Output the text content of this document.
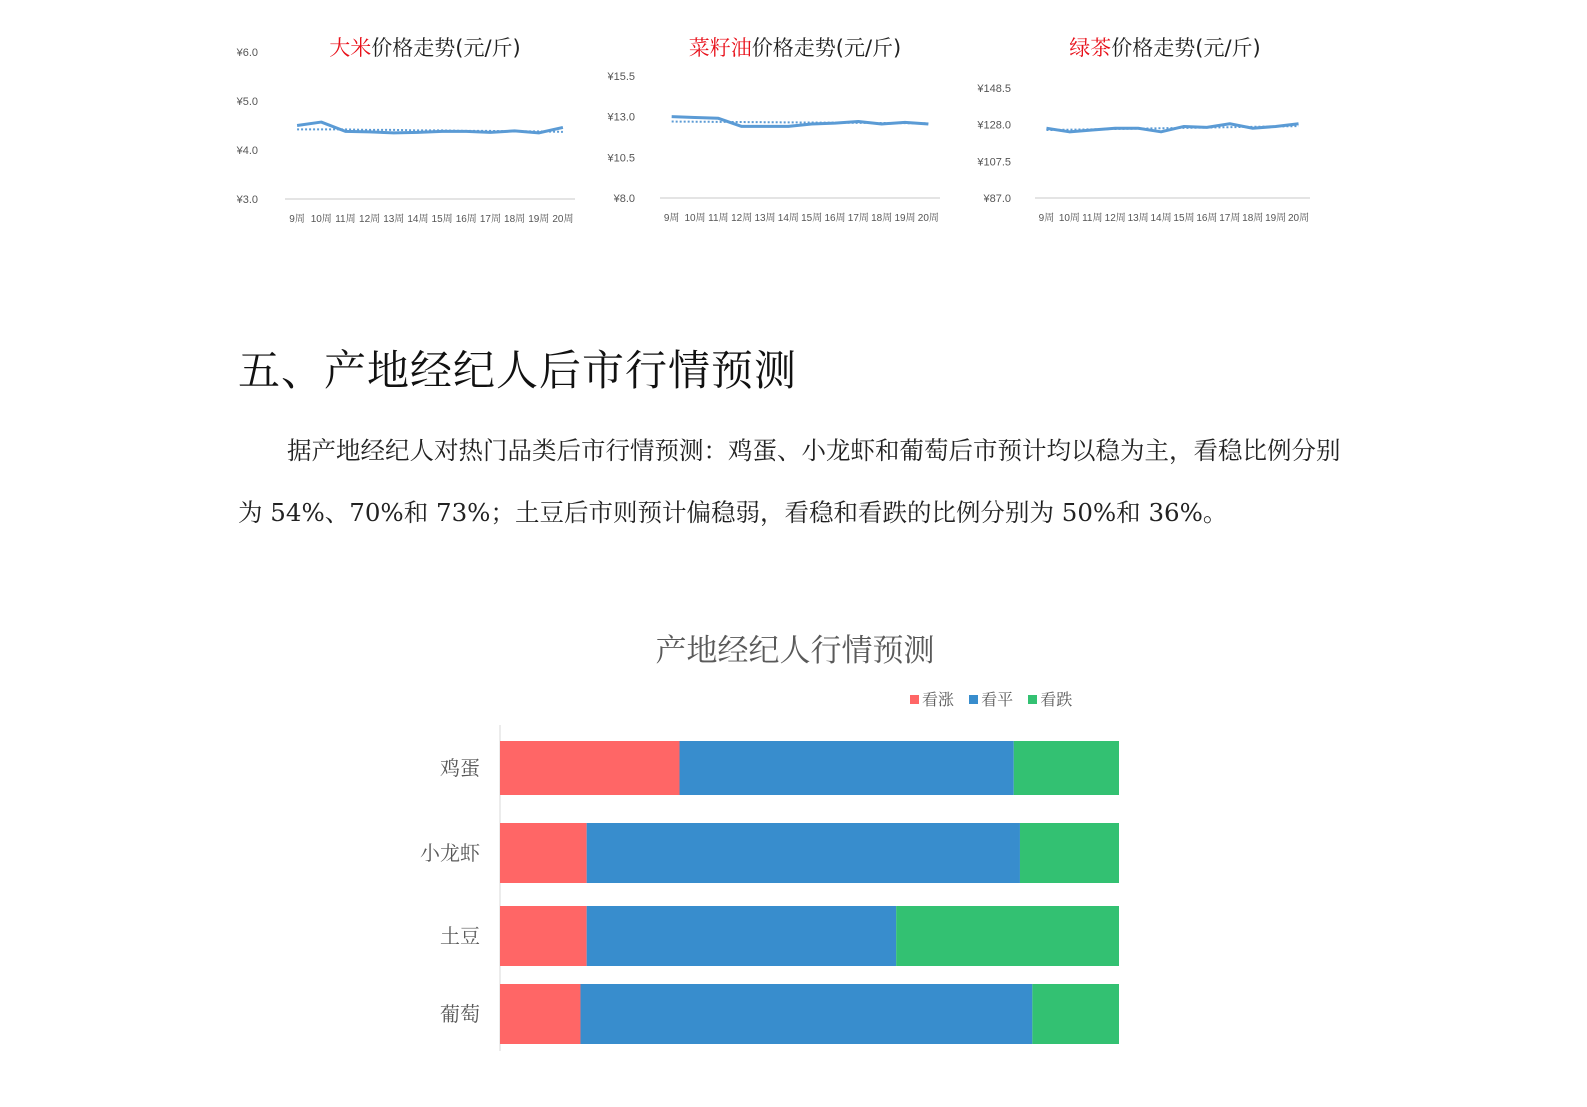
大米价格走势(元/斤)
¥6.0
¥5.0
¥4.0
¥3.0
9周 10周 11周 12周 13周 14周 15周 16周 17周 18周 19周 20周
菜籽油价格走势(元/斤)
¥15.5
¥13.0
¥10.5
¥8.0
9周 10周 11周 12周 13周 14周 15周 16周 17周 18周 19周 20周
绿茶价格走势(元/斤)
¥148.5
¥128.0
¥107.5
¥87.0
9周 10周 11周 12周 13周 14周 15周 16周 17周 18周 19周 20周
五、产地经纪人后市行情预测

据产地经纪人对热门品类后市行情预测：鸡蛋、小龙虾和葡萄后市预计均以稳为主，看稳比例分别为 54%、70%和 73%；土豆后市则预计偏稳弱，看稳和看跌的比例分别为 50%和 36%。

产地经纪人行情预测
看涨 看平 看跌
鸡蛋
小龙虾
土豆
葡萄
